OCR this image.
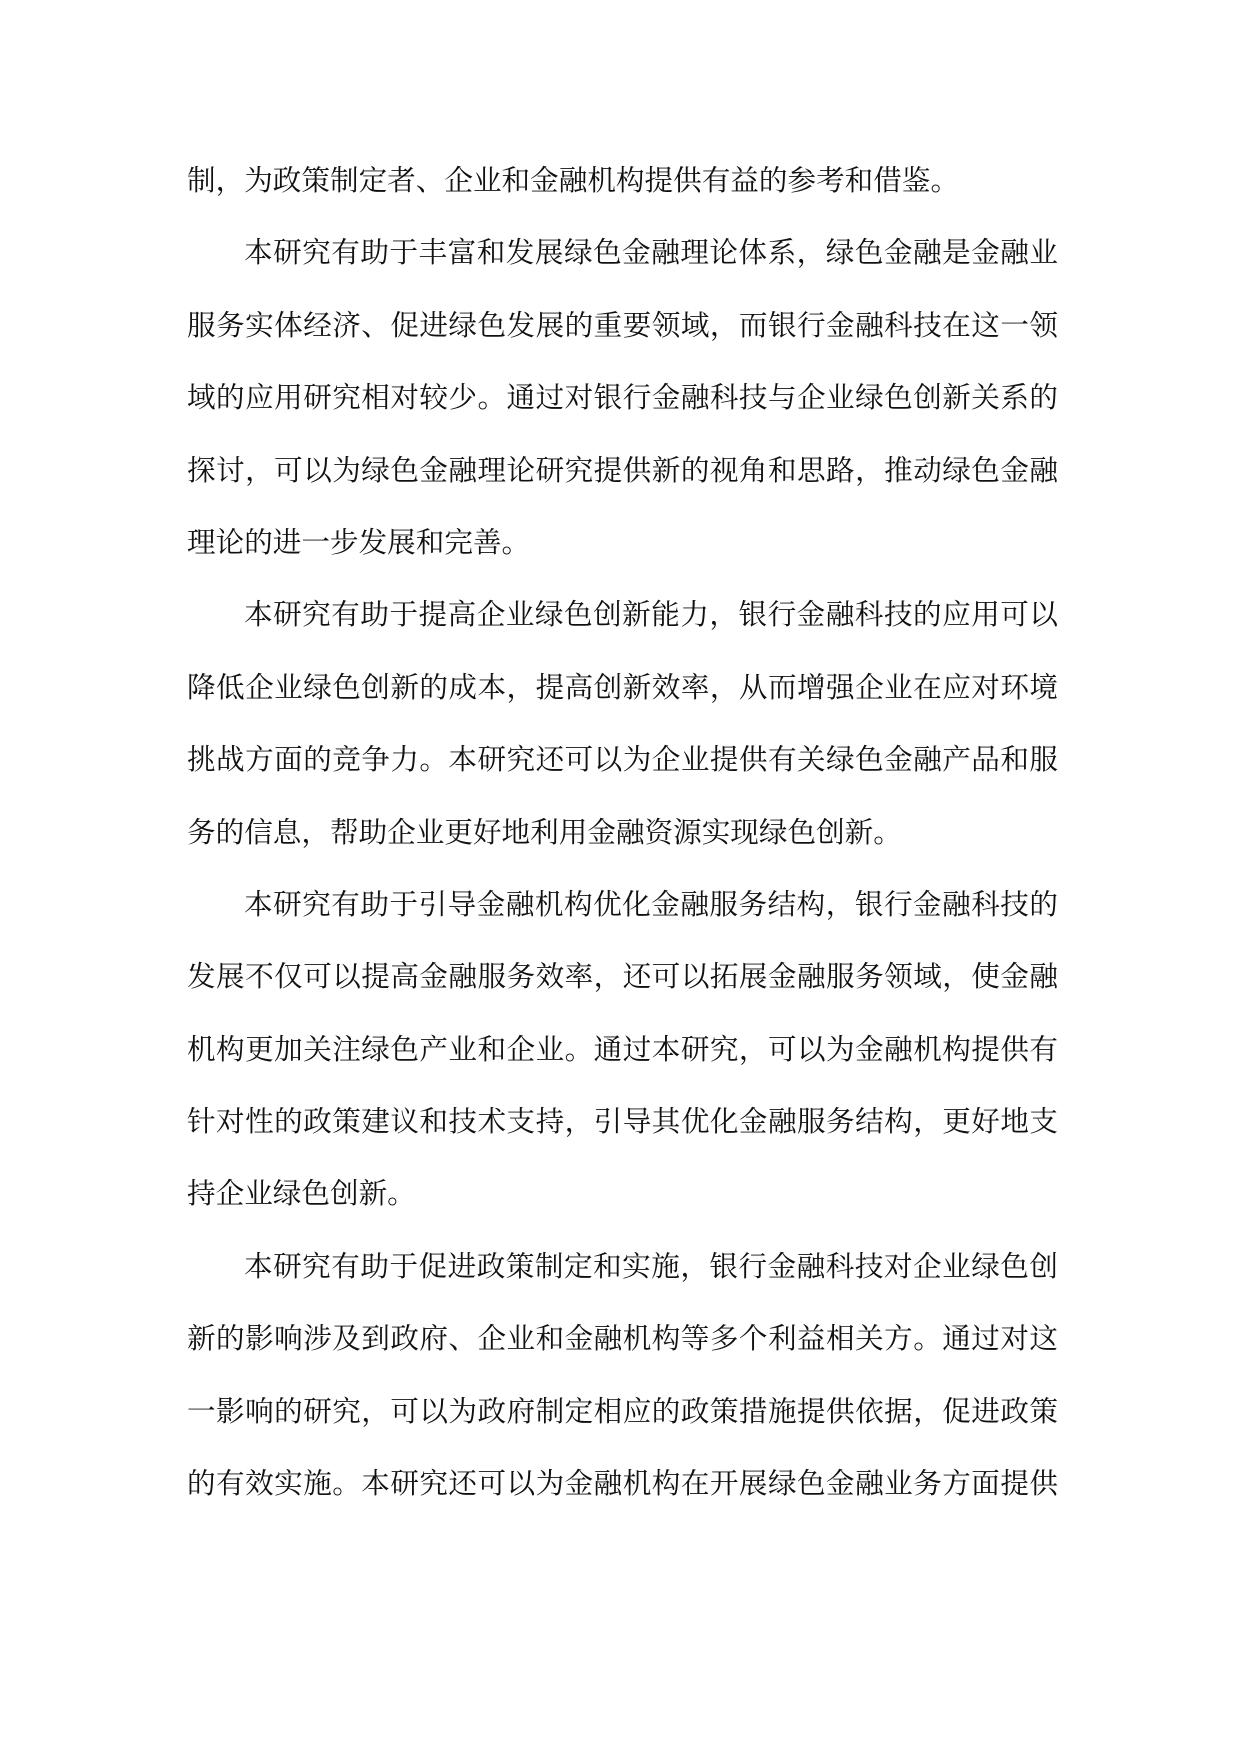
制，为政策制定者、企业和金融机构提供有益的参考和借鉴。
本研究有助于丰富和发展绿色金融理论体系，绿色金融是金融业
服务实体经济、促进绿色发展的重要领域，而银行金融科技在这一领
域的应用研究相对较少。通过对银行金融科技与企业绿色创新关系的
探讨，可以为绿色金融理论研究提供新的视角和思路，推动绿色金融
理论的进一步发展和完善。
本研究有助于提高企业绿色创新能力，银行金融科技的应用可以
降低企业绿色创新的成本，提高创新效率，从而增强企业在应对环境
挑战方面的竞争力。本研究还可以为企业提供有关绿色金融产品和服
务的信息，帮助企业更好地利用金融资源实现绿色创新。
本研究有助于引导金融机构优化金融服务结构，银行金融科技的
发展不仅可以提高金融服务效率，还可以拓展金融服务领域，使金融
机构更加关注绿色产业和企业。通过本研究，可以为金融机构提供有
针对性的政策建议和技术支持，引导其优化金融服务结构，更好地支
持企业绿色创新。
本研究有助于促进政策制定和实施，银行金融科技对企业绿色创
新的影响涉及到政府、企业和金融机构等多个利益相关方。通过对这
一影响的研究，可以为政府制定相应的政策措施提供依据，促进政策
的有效实施。本研究还可以为金融机构在开展绿色金融业务方面提供
